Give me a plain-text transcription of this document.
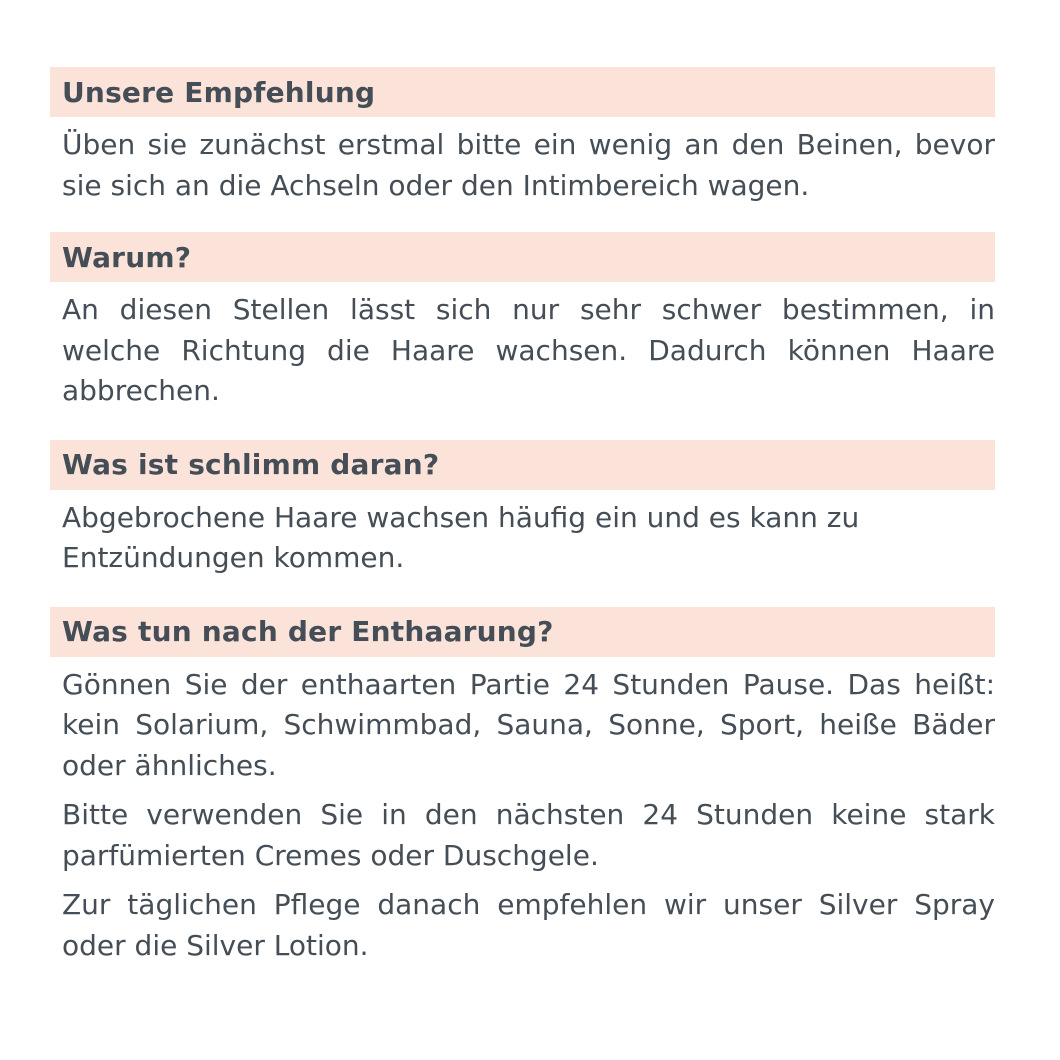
Unsere Empfehlung

Üben sie zunächst erstmal bitte ein wenig an den Beinen, bevor sie sich an die Achseln oder den Intimbereich wagen.

Warum?

An diesen Stellen lässt sich nur sehr schwer bestimmen, in welche Richtung die Haare wachsen. Dadurch können Haare abbrechen.

Was ist schlimm daran?

Abgebrochene Haare wachsen häufig ein und es kann zu Entzündungen kommen.

Was tun nach der Enthaarung?

Gönnen Sie der enthaarten Partie 24 Stunden Pause. Das heißt: kein Solarium, Schwimmbad, Sauna, Sonne, Sport, heiße Bäder oder ähnliches.

Bitte verwenden Sie in den nächsten 24 Stunden keine stark parfümierten Cremes oder Duschgele.

Zur täglichen Pflege danach empfehlen wir unser Silver Spray oder die Silver Lotion.
